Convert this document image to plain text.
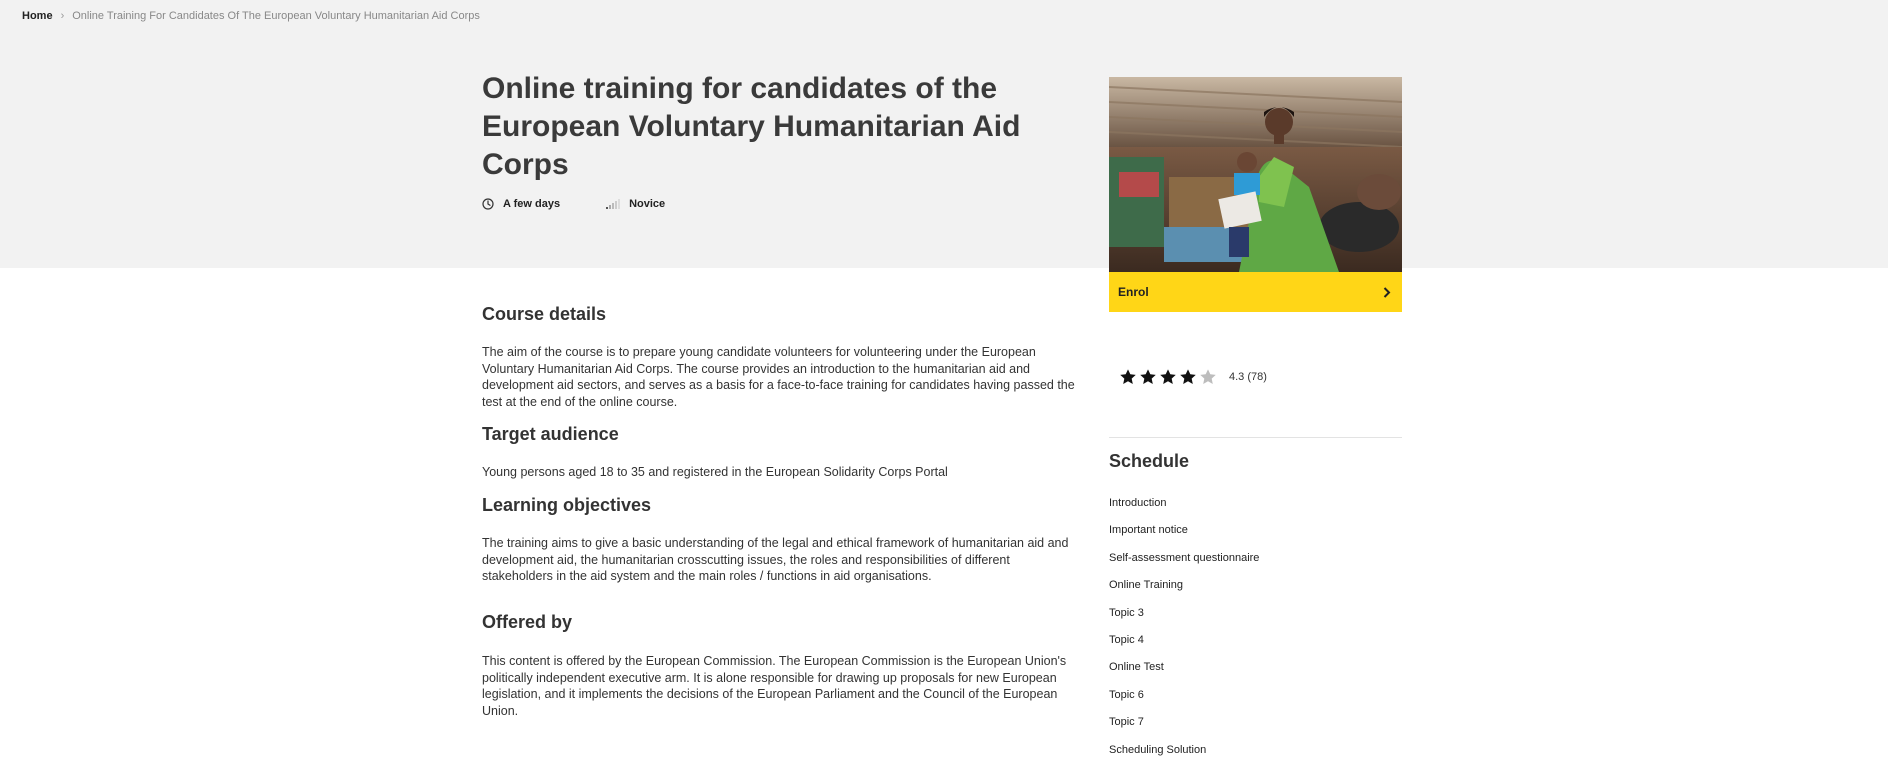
Home › Online Training For Candidates Of The European Voluntary Humanitarian Aid Corps
Online training for candidates of the European Voluntary Humanitarian Aid Corps
A few days	Novice
Enrol
4.3 (78)
Schedule
Introduction
Important notice
Self-assessment questionnaire
Online Training
Topic 3
Topic 4
Online Test
Topic 6
Topic 7
Scheduling Solution
Course details

The aim of the course is to prepare young candidate volunteers for volunteering under the European Voluntary Humanitarian Aid Corps. The course provides an introduction to the humanitarian aid and development aid sectors, and serves as a basis for a face-to-face training for candidates having passed the test at the end of the online course.

Target audience

Young persons aged 18 to 35 and registered in the European Solidarity Corps Portal

Learning objectives

The training aims to give a basic understanding of the legal and ethical framework of humanitarian aid and development aid, the humanitarian crosscutting issues, the roles and responsibilities of different stakeholders in the aid system and the main roles / functions in aid organisations.

Offered by

This content is offered by the European Commission. The European Commission is the European Union's politically independent executive arm. It is alone responsible for drawing up proposals for new European legislation, and it implements the decisions of the European Parliament and the Council of the European Union.
